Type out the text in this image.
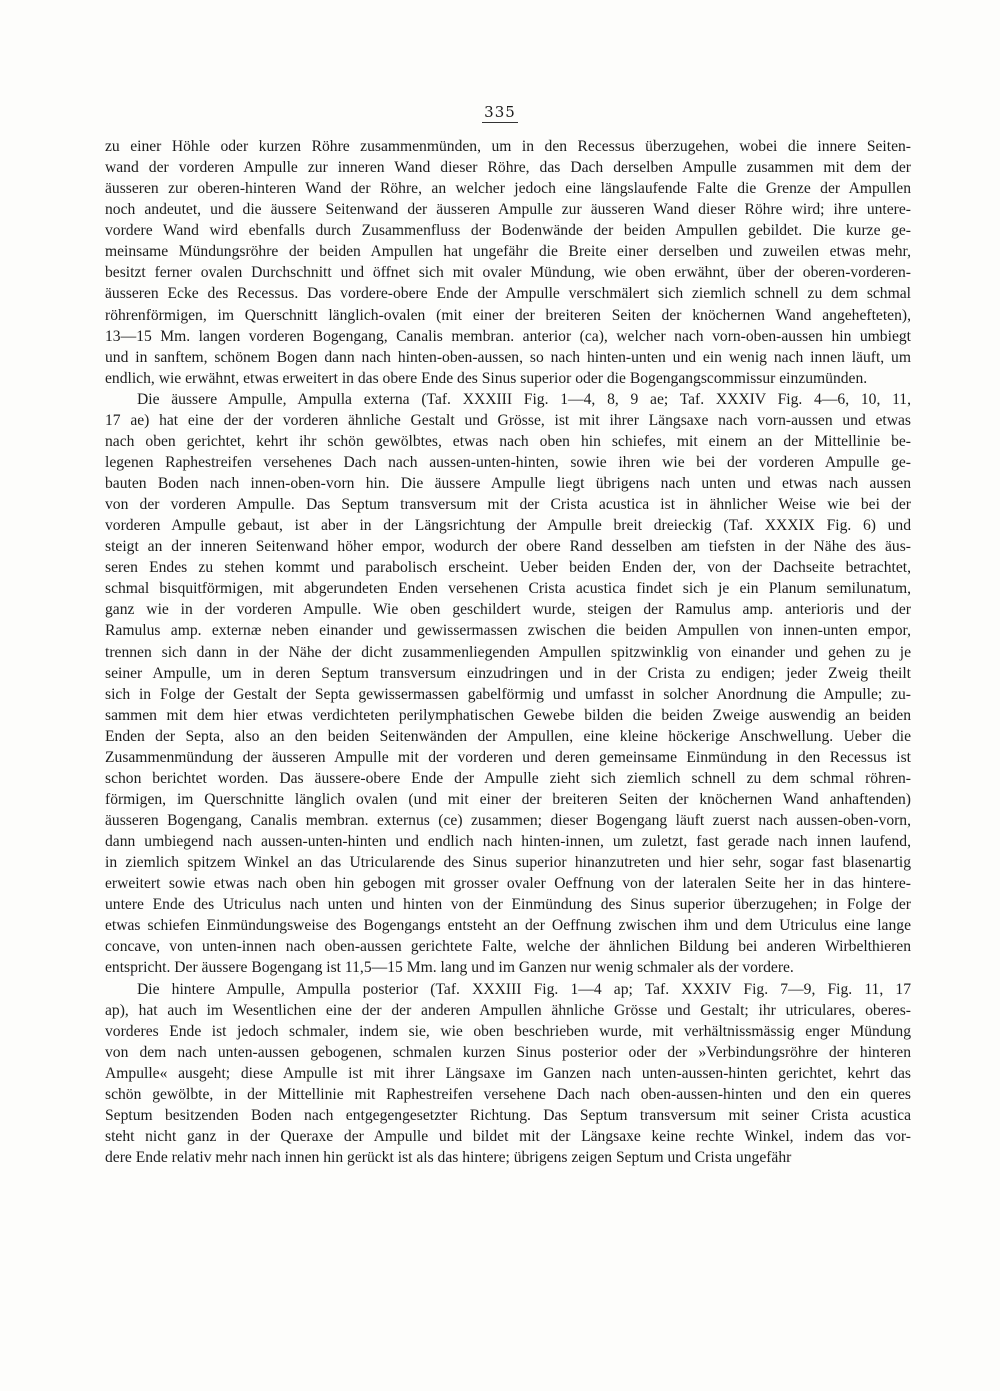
335
zu einer Höhle oder kurzen Röhre zusammenmünden, um in den Recessus überzugehen, wobei die innere Seiten-
wand der vorderen Ampulle zur inneren Wand dieser Röhre, das Dach derselben Ampulle zusammen mit dem der
äusseren zur oberen-hinteren Wand der Röhre, an welcher jedoch eine längslaufende Falte die Grenze der Ampullen
noch andeutet, und die äussere Seitenwand der äusseren Ampulle zur äusseren Wand dieser Röhre wird; ihre untere-
vordere Wand wird ebenfalls durch Zusammenfluss der Bodenwände der beiden Ampullen gebildet. Die kurze ge-
meinsame Mündungsröhre der beiden Ampullen hat ungefähr die Breite einer derselben und zuweilen etwas mehr,
besitzt ferner ovalen Durchschnitt und öffnet sich mit ovaler Mündung, wie oben erwähnt, über der oberen-vorderen-
äusseren Ecke des Recessus. Das vordere-obere Ende der Ampulle verschmälert sich ziemlich schnell zu dem schmal
röhrenförmigen, im Querschnitt länglich-ovalen (mit einer der breiteren Seiten der knöchernen Wand angehefteten),
13—15 Mm. langen vorderen Bogengang, Canalis membran. anterior (ca), welcher nach vorn-oben-aussen hin umbiegt
und in sanftem, schönem Bogen dann nach hinten-oben-aussen, so nach hinten-unten und ein wenig nach innen läuft, um
endlich, wie erwähnt, etwas erweitert in das obere Ende des Sinus superior oder die Bogengangscommissur einzumünden.
Die äussere Ampulle, Ampulla externa (Taf. XXXIII Fig. 1—4, 8, 9 ae; Taf. XXXIV Fig. 4—6, 10, 11,
17 ae) hat eine der der vorderen ähnliche Gestalt und Grösse, ist mit ihrer Längsaxe nach vorn-aussen und etwas
nach oben gerichtet, kehrt ihr schön gewölbtes, etwas nach oben hin schiefes, mit einem an der Mittellinie be-
legenen Raphestreifen versehenes Dach nach aussen-unten-hinten, sowie ihren wie bei der vorderen Ampulle ge-
bauten Boden nach innen-oben-vorn hin. Die äussere Ampulle liegt übrigens nach unten und etwas nach aussen
von der vorderen Ampulle. Das Septum transversum mit der Crista acustica ist in ähnlicher Weise wie bei der
vorderen Ampulle gebaut, ist aber in der Längsrichtung der Ampulle breit dreieckig (Taf. XXXIX Fig. 6) und
steigt an der inneren Seitenwand höher empor, wodurch der obere Rand desselben am tiefsten in der Nähe des äus-
seren Endes zu stehen kommt und parabolisch erscheint. Ueber beiden Enden der, von der Dachseite betrachtet,
schmal bisquitförmigen, mit abgerundeten Enden versehenen Crista acustica findet sich je ein Planum semilunatum,
ganz wie in der vorderen Ampulle. Wie oben geschildert wurde, steigen der Ramulus amp. anterioris und der
Ramulus amp. externæ neben einander und gewissermassen zwischen die beiden Ampullen von innen-unten empor,
trennen sich dann in der Nähe der dicht zusammenliegenden Ampullen spitzwinklig von einander und gehen zu je
seiner Ampulle, um in deren Septum transversum einzudringen und in der Crista zu endigen; jeder Zweig theilt
sich in Folge der Gestalt der Septa gewissermassen gabelförmig und umfasst in solcher Anordnung die Ampulle; zu-
sammen mit dem hier etwas verdichteten perilymphatischen Gewebe bilden die beiden Zweige auswendig an beiden
Enden der Septa, also an den beiden Seitenwänden der Ampullen, eine kleine höckerige Anschwellung. Ueber die
Zusammenmündung der äusseren Ampulle mit der vorderen und deren gemeinsame Einmündung in den Recessus ist
schon berichtet worden. Das äussere-obere Ende der Ampulle zieht sich ziemlich schnell zu dem schmal röhren-
förmigen, im Querschnitte länglich ovalen (und mit einer der breiteren Seiten der knöchernen Wand anhaftenden)
äusseren Bogengang, Canalis membran. externus (ce) zusammen; dieser Bogengang läuft zuerst nach aussen-oben-vorn,
dann umbiegend nach aussen-unten-hinten und endlich nach hinten-innen, um zuletzt, fast gerade nach innen laufend,
in ziemlich spitzem Winkel an das Utricularende des Sinus superior hinanzutreten und hier sehr, sogar fast blasenartig
erweitert sowie etwas nach oben hin gebogen mit grosser ovaler Oeffnung von der lateralen Seite her in das hintere-
untere Ende des Utriculus nach unten und hinten von der Einmündung des Sinus superior überzugehen; in Folge der
etwas schiefen Einmündungsweise des Bogengangs entsteht an der Oeffnung zwischen ihm und dem Utriculus eine lange
concave, von unten-innen nach oben-aussen gerichtete Falte, welche der ähnlichen Bildung bei anderen Wirbelthieren
entspricht. Der äussere Bogengang ist 11,5—15 Mm. lang und im Ganzen nur wenig schmaler als der vordere.
Die hintere Ampulle, Ampulla posterior (Taf. XXXIII Fig. 1—4 ap; Taf. XXXIV Fig. 7—9, Fig. 11, 17
ap), hat auch im Wesentlichen eine der der anderen Ampullen ähnliche Grösse und Gestalt; ihr utriculares, oberes-
vorderes Ende ist jedoch schmaler, indem sie, wie oben beschrieben wurde, mit verhältnissmässig enger Mündung
von dem nach unten-aussen gebogenen, schmalen kurzen Sinus posterior oder der »Verbindungsröhre der hinteren
Ampulle« ausgeht; diese Ampulle ist mit ihrer Längsaxe im Ganzen nach unten-aussen-hinten gerichtet, kehrt das
schön gewölbte, in der Mittellinie mit Raphestreifen versehene Dach nach oben-aussen-hinten und den ein queres
Septum besitzenden Boden nach entgegengesetzter Richtung. Das Septum transversum mit seiner Crista acustica
steht nicht ganz in der Queraxe der Ampulle und bildet mit der Längsaxe keine rechte Winkel, indem das vor-
dere Ende relativ mehr nach innen hin gerückt ist als das hintere; übrigens zeigen Septum und Crista ungefähr
